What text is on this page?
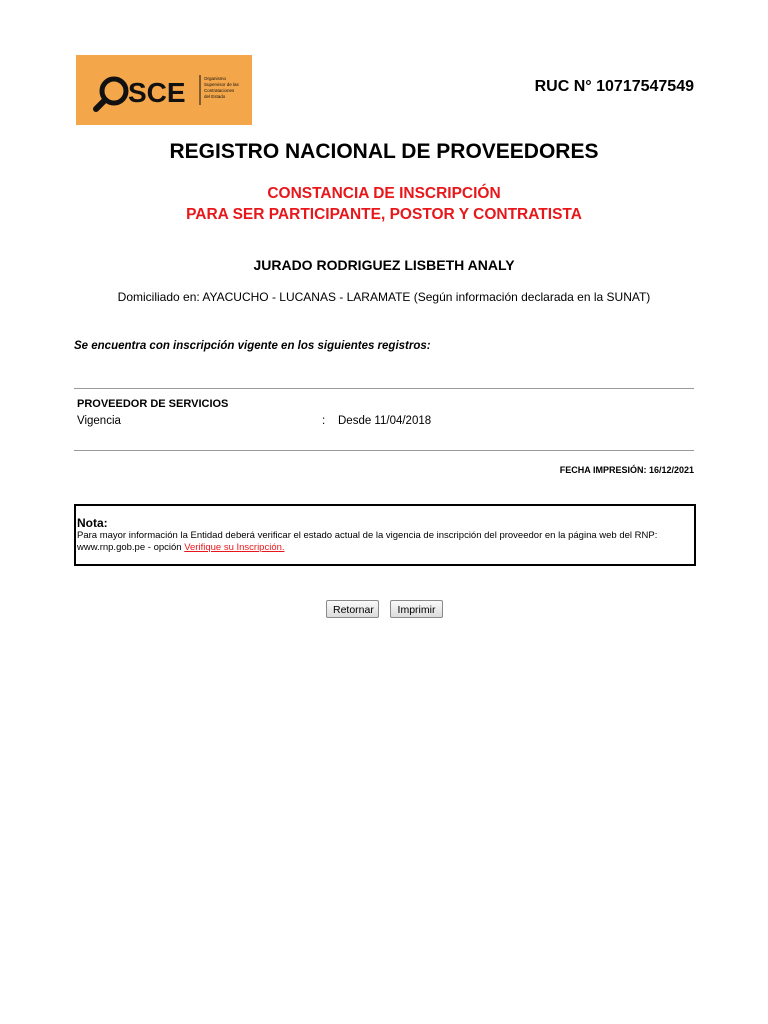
SCE	Organismo Supervisor de las Contrataciones del Estado
RUC N° 10717547549
REGISTRO NACIONAL DE PROVEEDORES
CONSTANCIA DE INSCRIPCIÓN
PARA SER PARTICIPANTE, POSTOR Y CONTRATISTA
JURADO RODRIGUEZ LISBETH ANALY
Domiciliado en: AYACUCHO - LUCANAS - LARAMATE (Según información declarada en la SUNAT)
Se encuentra con inscripción vigente en los siguientes registros:
PROVEEDOR DE SERVICIOS
Vigencia	: Desde 11/04/2018
FECHA IMPRESIÓN: 16/12/2021
Nota:
Para mayor información la Entidad deberá verificar el estado actual de la vigencia de inscripción del proveedor en la página web del RNP:
www.rnp.gob.pe - opción Verifique su Inscripción.
Retornar	Imprimir
